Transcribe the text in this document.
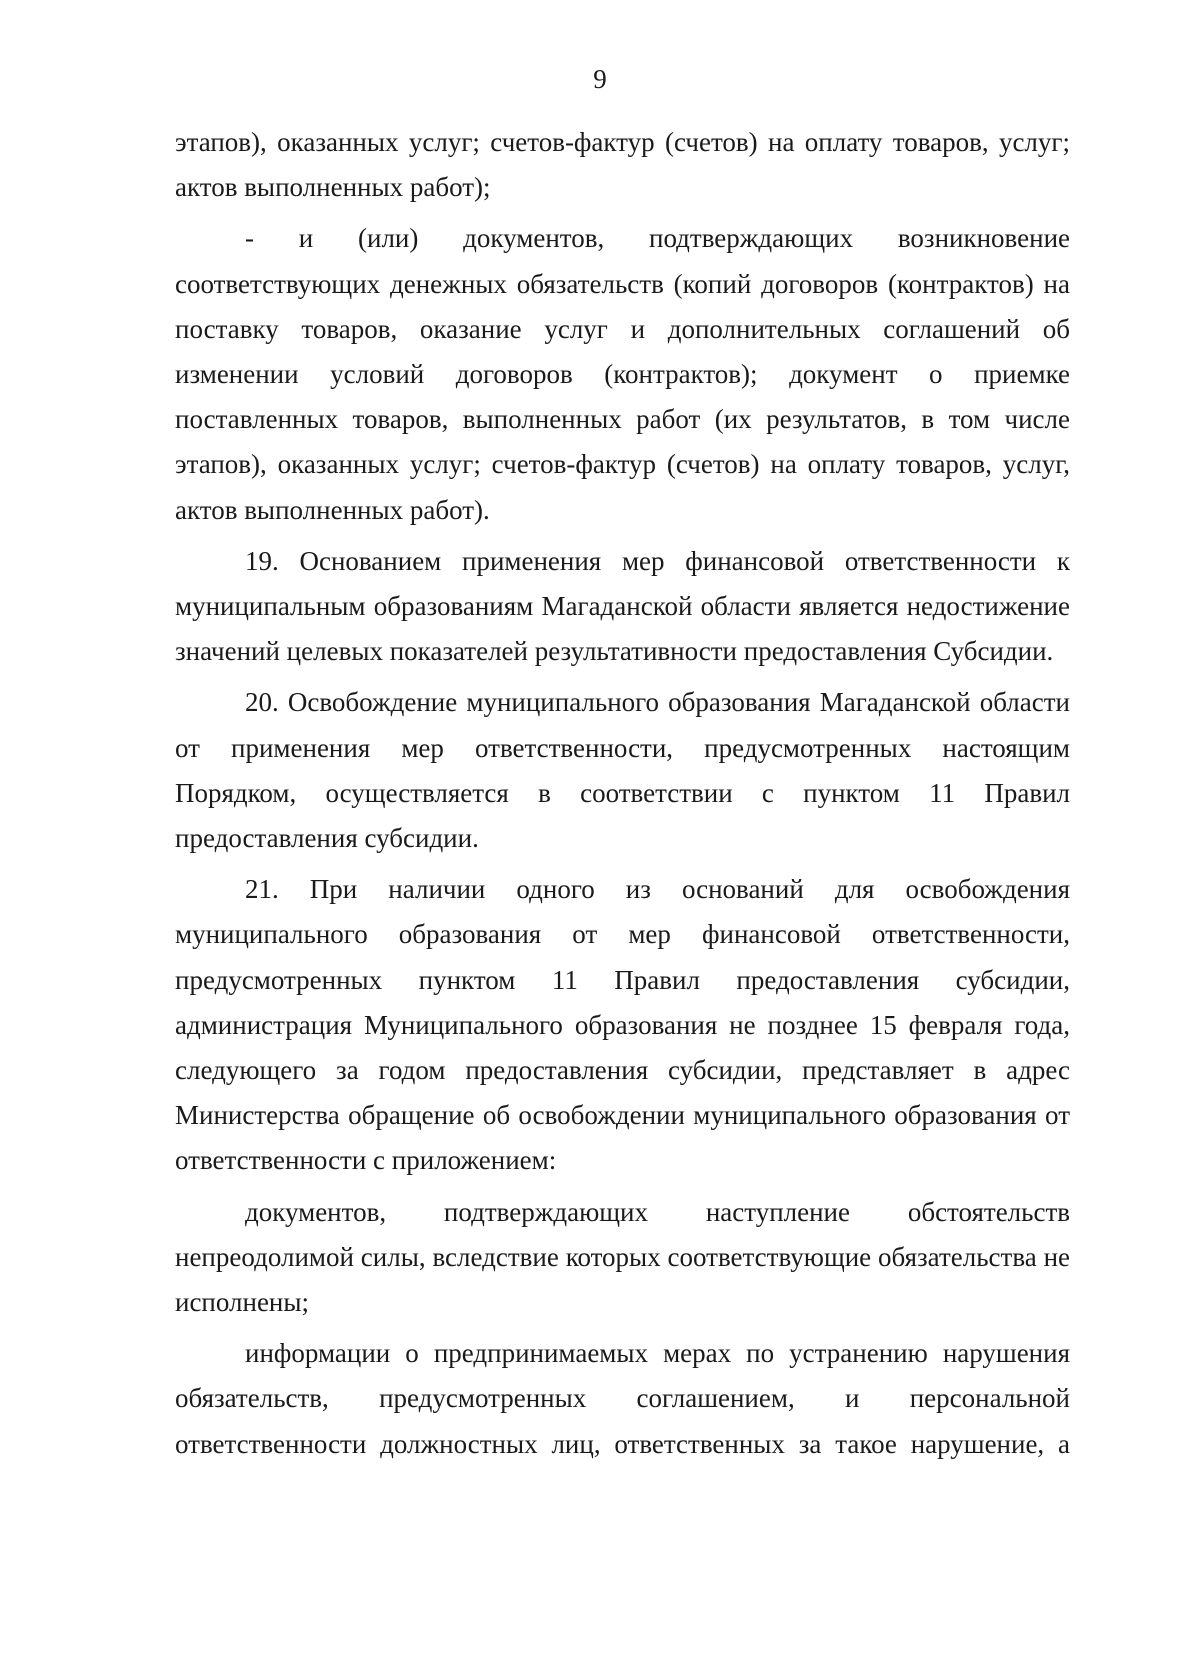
9

этапов), оказанных услуг; счетов-фактур (счетов) на оплату товаров, услуг; актов выполненных работ);

- и (или) документов, подтверждающих возникновение соответствующих денежных обязательств (копий договоров (контрактов) на поставку товаров, оказание услуг и дополнительных соглашений об изменении условий договоров (контрактов); документ о приемке поставленных товаров, выполненных работ (их результатов, в том числе этапов), оказанных услуг; счетов-фактур (счетов) на оплату товаров, услуг, актов выполненных работ).

19. Основанием применения мер финансовой ответственности к муниципальным образованиям Магаданской области является недостижение значений целевых показателей результативности предоставления Субсидии.

20. Освобождение муниципального образования Магаданской области от применения мер ответственности, предусмотренных настоящим Порядком, осуществляется в соответствии с пунктом 11 Правил предоставления субсидии.

21. При наличии одного из оснований для освобождения муниципального образования от мер финансовой ответственности, предусмотренных пунктом 11 Правил предоставления субсидии, администрация Муниципального образования не позднее 15 февраля года, следующего за годом предоставления субсидии, представляет в адрес Министерства обращение об освобождении муниципального образования от ответственности с приложением:

документов, подтверждающих наступление обстоятельств непреодолимой силы, вследствие которых соответствующие обязательства не исполнены;

информации о предпринимаемых мерах по устранению нарушения обязательств, предусмотренных соглашением, и персональной ответственности должностных лиц, ответственных за такое нарушение, а
